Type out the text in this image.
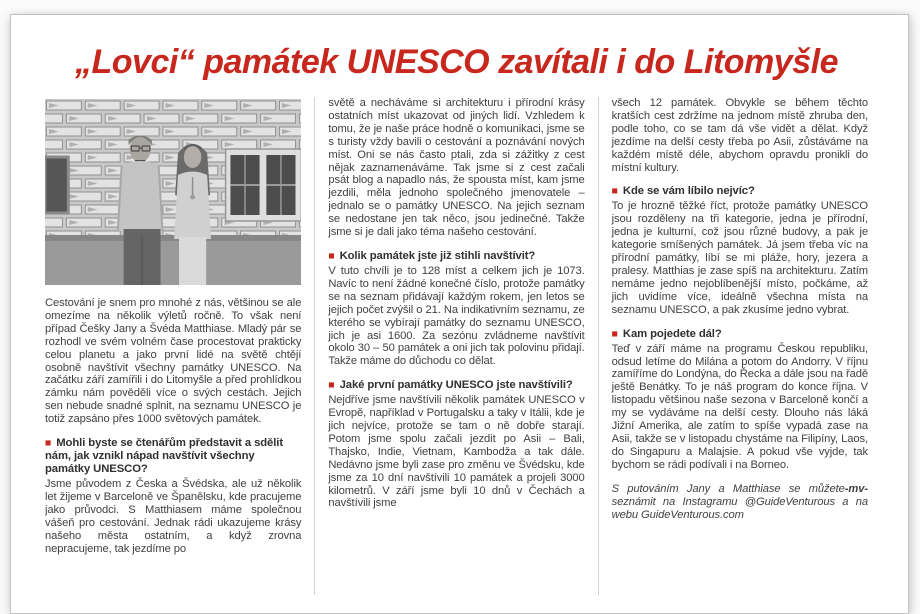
„Lovci“ památek UNESCO zavítali i do Litomyšle

Cestování je snem pro mnohé z nás, většinou se ale omezíme na několik výletů ročně. To však není případ Češky Jany a Švéda Matthiase. Mladý pár se rozhodl ve svém volném čase procestovat prakticky celou planetu a jako první lidé na světě chtějí osobně navštívit všechny památky UNESCO. Na začátku září zamířili i do Litomyšle a před prohlídkou zámku nám pověděli více o svých cestách. Jejich sen nebude snadné splnit, na seznamu UNESCO je totiž zapsáno přes 1000 světových památek.

■ Mohli byste se čtenářům představit a sdělit nám, jak vznikl nápad navštívit všechny památky UNESCO?

Jsme původem z Česka a Švédska, ale už několik let žijeme v Barceloně ve Španělsku, kde pracujeme jako průvodci. S Matthiasem máme společnou vášeň pro cestování. Jednak rádi ukazujeme krásy našeho města ostatním, a když zrovna nepracujeme, tak jezdíme po

světě a necháváme si architekturu i přírodní krásy ostatních míst ukazovat od jiných lidí. Vzhledem k tomu, že je naše práce hodně o komunikaci, jsme se s turisty vždy bavili o cestování a poznávání nových míst. Oni se nás často ptali, zda si zážitky z cest nějak zaznamenáváme. Tak jsme si z cest začali psát blog a napadlo nás, že spousta míst, kam jsme jezdili, měla jednoho společného jmenovatele – jednalo se o památky UNESCO. Na jejich seznam se nedostane jen tak něco, jsou jedinečné. Takže jsme si je dali jako téma našeho cestování.

■ Kolik památek jste již stihli navštívit?

V tuto chvíli je to 128 míst a celkem jich je 1073. Navíc to není žádné konečné číslo, protože památky se na seznam přidávají každým rokem, jen letos se jejich počet zvýšil o 21. Na indikativním seznamu, ze kterého se vybírají památky do seznamu UNESCO, jich je asi 1600. Za sezónu zvládneme navštívit okolo 30 – 50 památek a oni jich tak polovinu přidají. Takže máme do důchodu co dělat.

■ Jaké první památky UNESCO jste navštívili?

Nejdříve jsme navštívili několik památek UNESCO v Evropě, například v Portugalsku a taky v Itálii, kde je jich nejvíce, protože se tam o ně dobře starají. Potom jsme spolu začali jezdit po Asii – Bali, Thajsko, Indie, Vietnam, Kambodža a tak dále. Nedávno jsme byli zase pro změnu ve Švédsku, kde jsme za 10 dní navštívili 10 památek a projeli 3000 kilometrů. V září jsme byli 10 dnů v Čechách a navštívili jsme

všech 12 památek. Obvykle se během těchto kratších cest zdržíme na jednom místě zhruba den, podle toho, co se tam dá vše vidět a dělat. Když jezdíme na delší cesty třeba po Asii, zůstáváme na každém místě déle, abychom opravdu pronikli do místní kultury.

■ Kde se vám líbilo nejvíc?

To je hrozně těžké říct, protože památky UNESCO jsou rozděleny na tři kategorie, jedna je přírodní, jedna je kulturní, což jsou různé budovy, a pak je kategorie smíšených památek. Já jsem třeba víc na přírodní památky, líbí se mi pláže, hory, jezera a pralesy. Matthias je zase spíš na architekturu. Zatím nemáme jedno nejoblíbenější místo, počkáme, až jich uvidíme více, ideálně všechna místa na seznamu UNESCO, a pak zkusíme jedno vybrat.

■ Kam pojedete dál?

Teď v září máme na programu Českou republiku, odsud letíme do Milána a potom do Andorry. V říjnu zamíříme do Londýna, do Řecka a dále jsou na řadě ještě Benátky. To je náš program do konce října. V listopadu většinou naše sezona v Barceloně končí a my se vydáváme na delší cesty. Dlouho nás láká Jižní Amerika, ale zatím to spíše vypadá zase na Asii, takže se v listopadu chystáme na Filipíny, Laos, do Singapuru a Malajsie. A pokud vše vyjde, tak bychom se rádi podívali i na Borneo.

-mv-
S putováním Jany a Matthiase se můžete seznámit na Instagramu @GuideVenturous a na webu GuideVenturous.com
